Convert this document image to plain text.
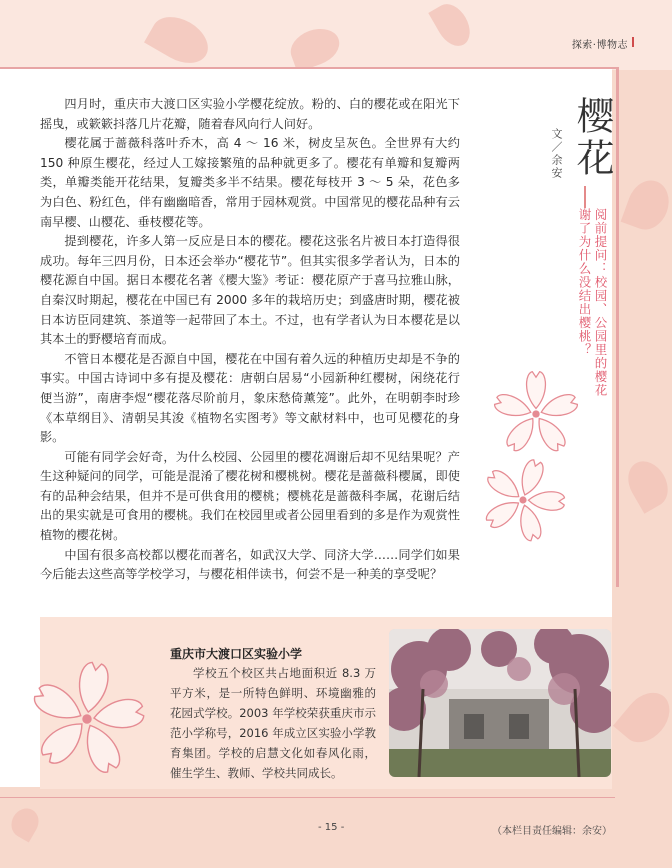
探索·博物志

四月时，重庆市大渡口区实验小学樱花绽放。粉的、白的樱花或在阳光下摇曳，或簌簌抖落几片花瓣，随着春风向行人问好。

樱花属于蔷薇科落叶乔木，高 4 ～ 16 米，树皮呈灰色。全世界有大约 150 种原生樱花，经过人工嫁接繁殖的品种就更多了。樱花有单瓣和复瓣两类，单瓣类能开花结果，复瓣类多半不结果。樱花每枝开 3 ～ 5 朵，花色多为白色、粉红色，伴有幽幽暗香，常用于园林观赏。中国常见的樱花品种有云南早樱、山樱花、垂枝樱花等。

提到樱花，许多人第一反应是日本的樱花。樱花这张名片被日本打造得很成功。每年三四月份，日本还会举办“樱花节”。但其实很多学者认为，日本的樱花源自中国。据日本樱花名著《樱大鉴》考证：樱花原产于喜马拉雅山脉，自秦汉时期起，樱花在中国已有 2000 多年的栽培历史；到盛唐时期，樱花被日本访臣同建筑、茶道等一起带回了本土。不过，也有学者认为日本樱花是以其本土的野樱培育而成。

不管日本樱花是否源自中国，樱花在中国有着久远的种植历史却是不争的事实。中国古诗词中多有提及樱花：唐朝白居易“小园新种红樱树，闲绕花行便当游”，南唐李煜“樱花落尽阶前月，象床愁倚薰笼”。此外，在明朝李时珍《本草纲目》、清朝吴其浚《植物名实图考》等文献材料中，也可见樱花的身影。

可能有同学会好奇，为什么校园、公园里的樱花凋谢后却不见结果呢？产生这种疑问的同学，可能是混淆了樱花树和樱桃树。樱花是蔷薇科樱属，即使有的品种会结果，但并不是可供食用的樱桃；樱桃花是蔷薇科李属，花谢后结出的果实就是可食用的樱桃。我们在校园里或者公园里看到的多是作为观赏性植物的樱花树。

中国有很多高校都以樱花而著名，如武汉大学、同济大学……同学们如果今后能去这些高等学校学习，与樱花相伴读书，何尝不是一种美的享受呢？

樱花
文／余安
阅前提问：校园、公园里的樱花谢了为什么没结出樱桃？
重庆市大渡口区实验小学
学校五个校区共占地面积近 8.3 万平方米，是一所特色鲜明、环境幽雅的花园式学校。2003 年学校荣获重庆市示范小学称号，2016 年成立区实验小学教育集团。学校的启慧文化如春风化雨，催生学生、教师、学校共同成长。
- 15 -	（本栏目责任编辑：余安）
